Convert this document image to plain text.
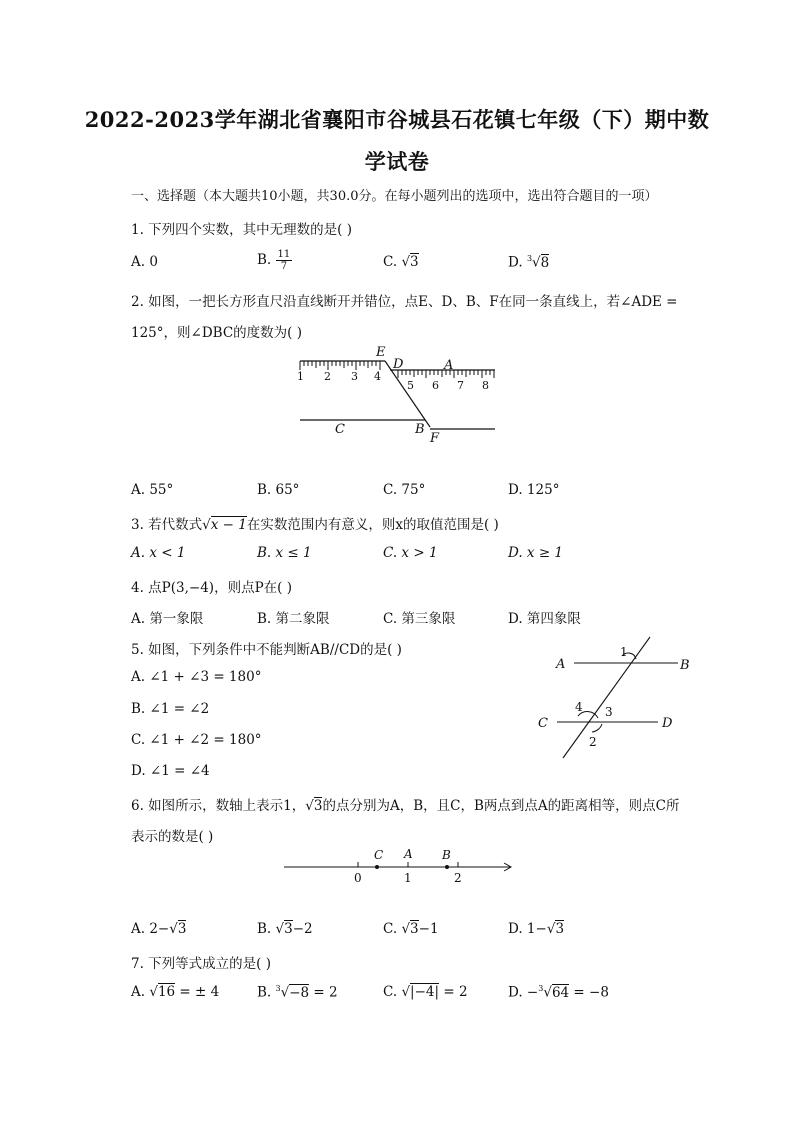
2022-2023学年湖北省襄阳市谷城县石花镇七年级（下）期中数
学试卷
一、选择题（本大题共10小题，共30.0分。在每小题列出的选项中，选出符合题目的一项）
1. 下列四个实数，其中无理数的是( )
A. 0	B. $\frac{11}{7}$	C. √3	D. $^3$√8
2. 如图，一把长方形直尺沿直线断开并错位，点E、D、B、F在同一条直线上，若∠ADE =
125°，则∠DBC的度数为( )
1 2 3 4
5 6 7 8
E
D	A
C	B
F
A. 55°	B. 65°	C. 75°	D. 125°
3. 若代数式√x − 1在实数范围内有意义，则x的取值范围是( )
A. x < 1	B. x ≤ 1	C. x > 1	D. x ≥ 1
4. 点P(3,−4)，则点P在( )
A. 第一象限	B. 第二象限	C. 第三象限	D. 第四象限
5. 如图，下列条件中不能判断AB//CD的是( )
A. ∠1 + ∠3 = 180°
B. ∠1 = ∠2
C. ∠1 + ∠2 = 180°
D. ∠1 = ∠4
A	B
C	D
1
2
3
4
6. 如图所示，数轴上表示1，√3的点分别为A，B，且C，B两点到点A的距离相等，则点C所
表示的数是( )
C A B
0	1	2
A. 2−√3	B. √3−2	C. √3−1	D. 1−√3
7. 下列等式成立的是( )
A. √16 = ± 4	B. $^3$√−8 = 2	C. √|−4| = 2	D. −$^3$√64 = −8
